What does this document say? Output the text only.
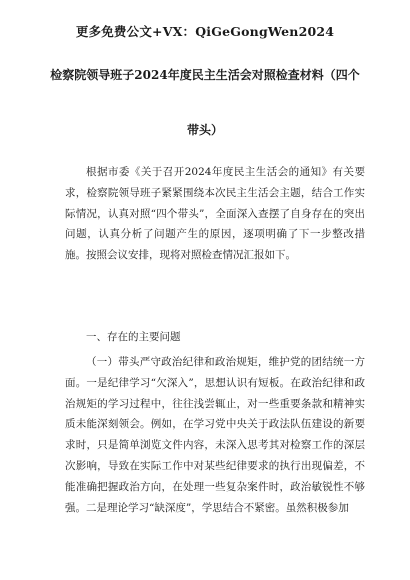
更多免费公文+VX：QiGeGongWen2024
检察院领导班子2024年度民主生活会对照检查材料（四个
带头）

根据市委《关于召开2024年度民主生活会的通知》有关要求，检察院领导班子紧紧围绕本次民主生活会主题，结合工作实际情况，认真对照“四个带头”，全面深入查摆了自身存在的突出问题，认真分析了问题产生的原因，逐项明确了下一步整改措施。按照会议安排，现将对照检查情况汇报如下。

一、存在的主要问题

（一）带头严守政治纪律和政治规矩，维护党的团结统一方面。一是纪律学习“欠深入”，思想认识有短板。在政治纪律和政治规矩的学习过程中，往往浅尝辄止，对一些重要条款和精神实质未能深刻领会。例如，在学习党中央关于政法队伍建设的新要求时，只是简单浏览文件内容，未深入思考其对检察工作的深层次影响，导致在实际工作中对某些纪律要求的执行出现偏差，不能准确把握政治方向，在处理一些复杂案件时，政治敏锐性不够强。二是理论学习“缺深度”，学思结合不紧密。虽然积极参加
